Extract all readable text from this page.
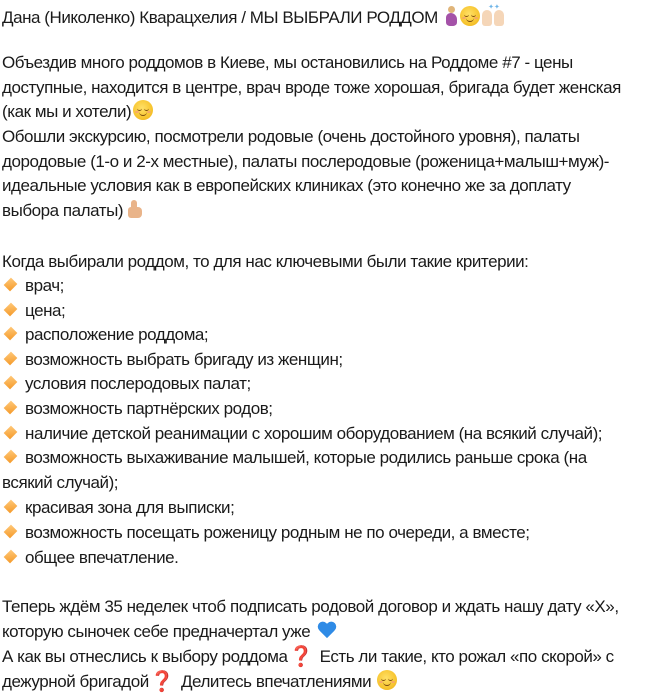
Дана (Николенко) Кварацхелия / МЫ ВЫБРАЛИ РОДДОМ
✦✦
Объездив много роддомов в Киеве, мы остановились на Роддоме #7 - цены
доступные, находится в центре, врач вроде тоже хорошая, бригада будет женская
(как мы и хотели)
Обошли экскурсию, посмотрели родовые (очень достойного уровня), палаты
дородовые (1-о и 2-х местные), палаты послеродовые (роженица+малыш+муж)-
идеальные условия как в европейских клиниках (это конечно же за доплату
выбора палаты)
Когда выбирали роддом, то для нас ключевыми были такие критерии:
врач;
цена;
расположение роддома;
возможность выбрать бригаду из женщин;
условия послеродовых палат;
возможность партнёрских родов;
наличие детской реанимации с хорошим оборудованием (на всякий случай);
возможность выхаживание малышей, которые родились раньше срока (на
всякий случай);
красивая зона для выписки;
возможность посещать роженицу родным не по очереди, а вместе;
общее впечатление.
Теперь ждём 35 неделек чтоб подписать родовой договор и ждать нашу дату «Х»,
которую сыночек себе предначертал уже
А как вы отнеслись к выбору роддома❓ Есть ли такие, кто рожал «по скорой» с
дежурной бригадой❓ Делитесь впечатлениями
